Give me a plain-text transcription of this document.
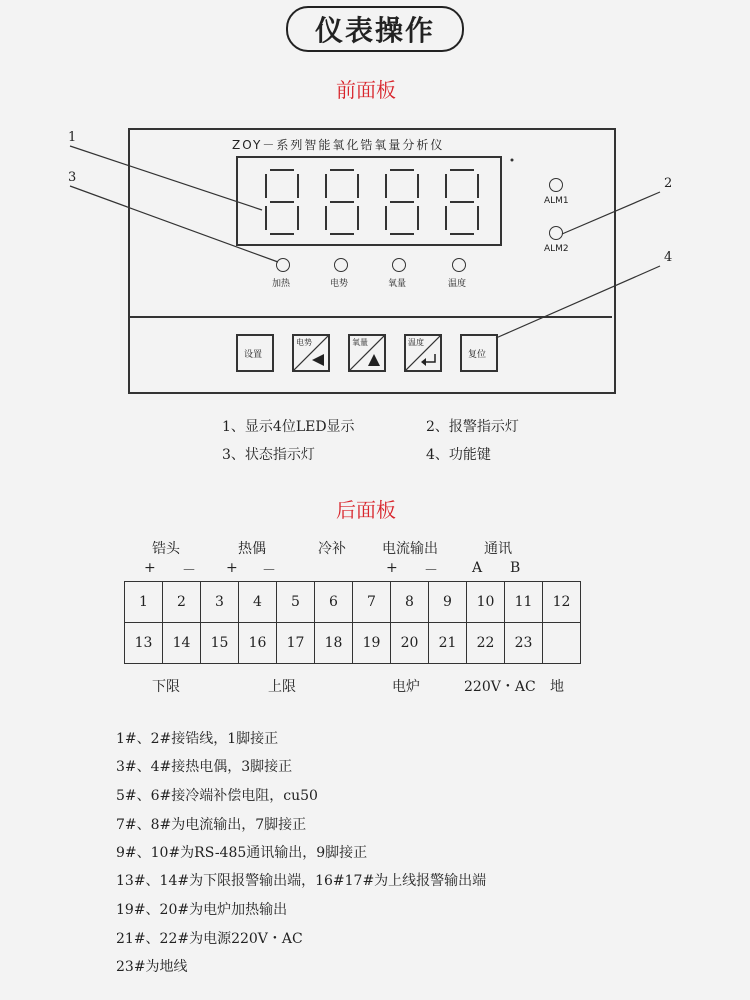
仪表操作
前面板
ZOY－系列智能氧化锆氧量分析仪
加热	电势	氧量	温度
ALM1
ALM2
设置
电势	氧量	温度
复位
1
2
3
4
1、显示4位LED显示	2、报警指示灯
3、状态指示灯	4、功能键
后面板
锆头	热偶	冷补	电流输出	通讯
+ － + －	+ － A B
1	2	3	4	5	6	7	8	9	10	11	12
13	14	15	16	17	18	19	20	21	22	23	
下限	上限	电炉	220V・AC 地
1#、2#接锆线，1脚接正
3#、4#接热电偶，3脚接正
5#、6#接冷端补偿电阻，cu50
7#、8#为电流输出，7脚接正
9#、10#为RS-485通讯输出，9脚接正
13#、14#为下限报警输出端，16#17#为上线报警输出端
19#、20#为电炉加热输出
21#、22#为电源220V・AC
23#为地线
